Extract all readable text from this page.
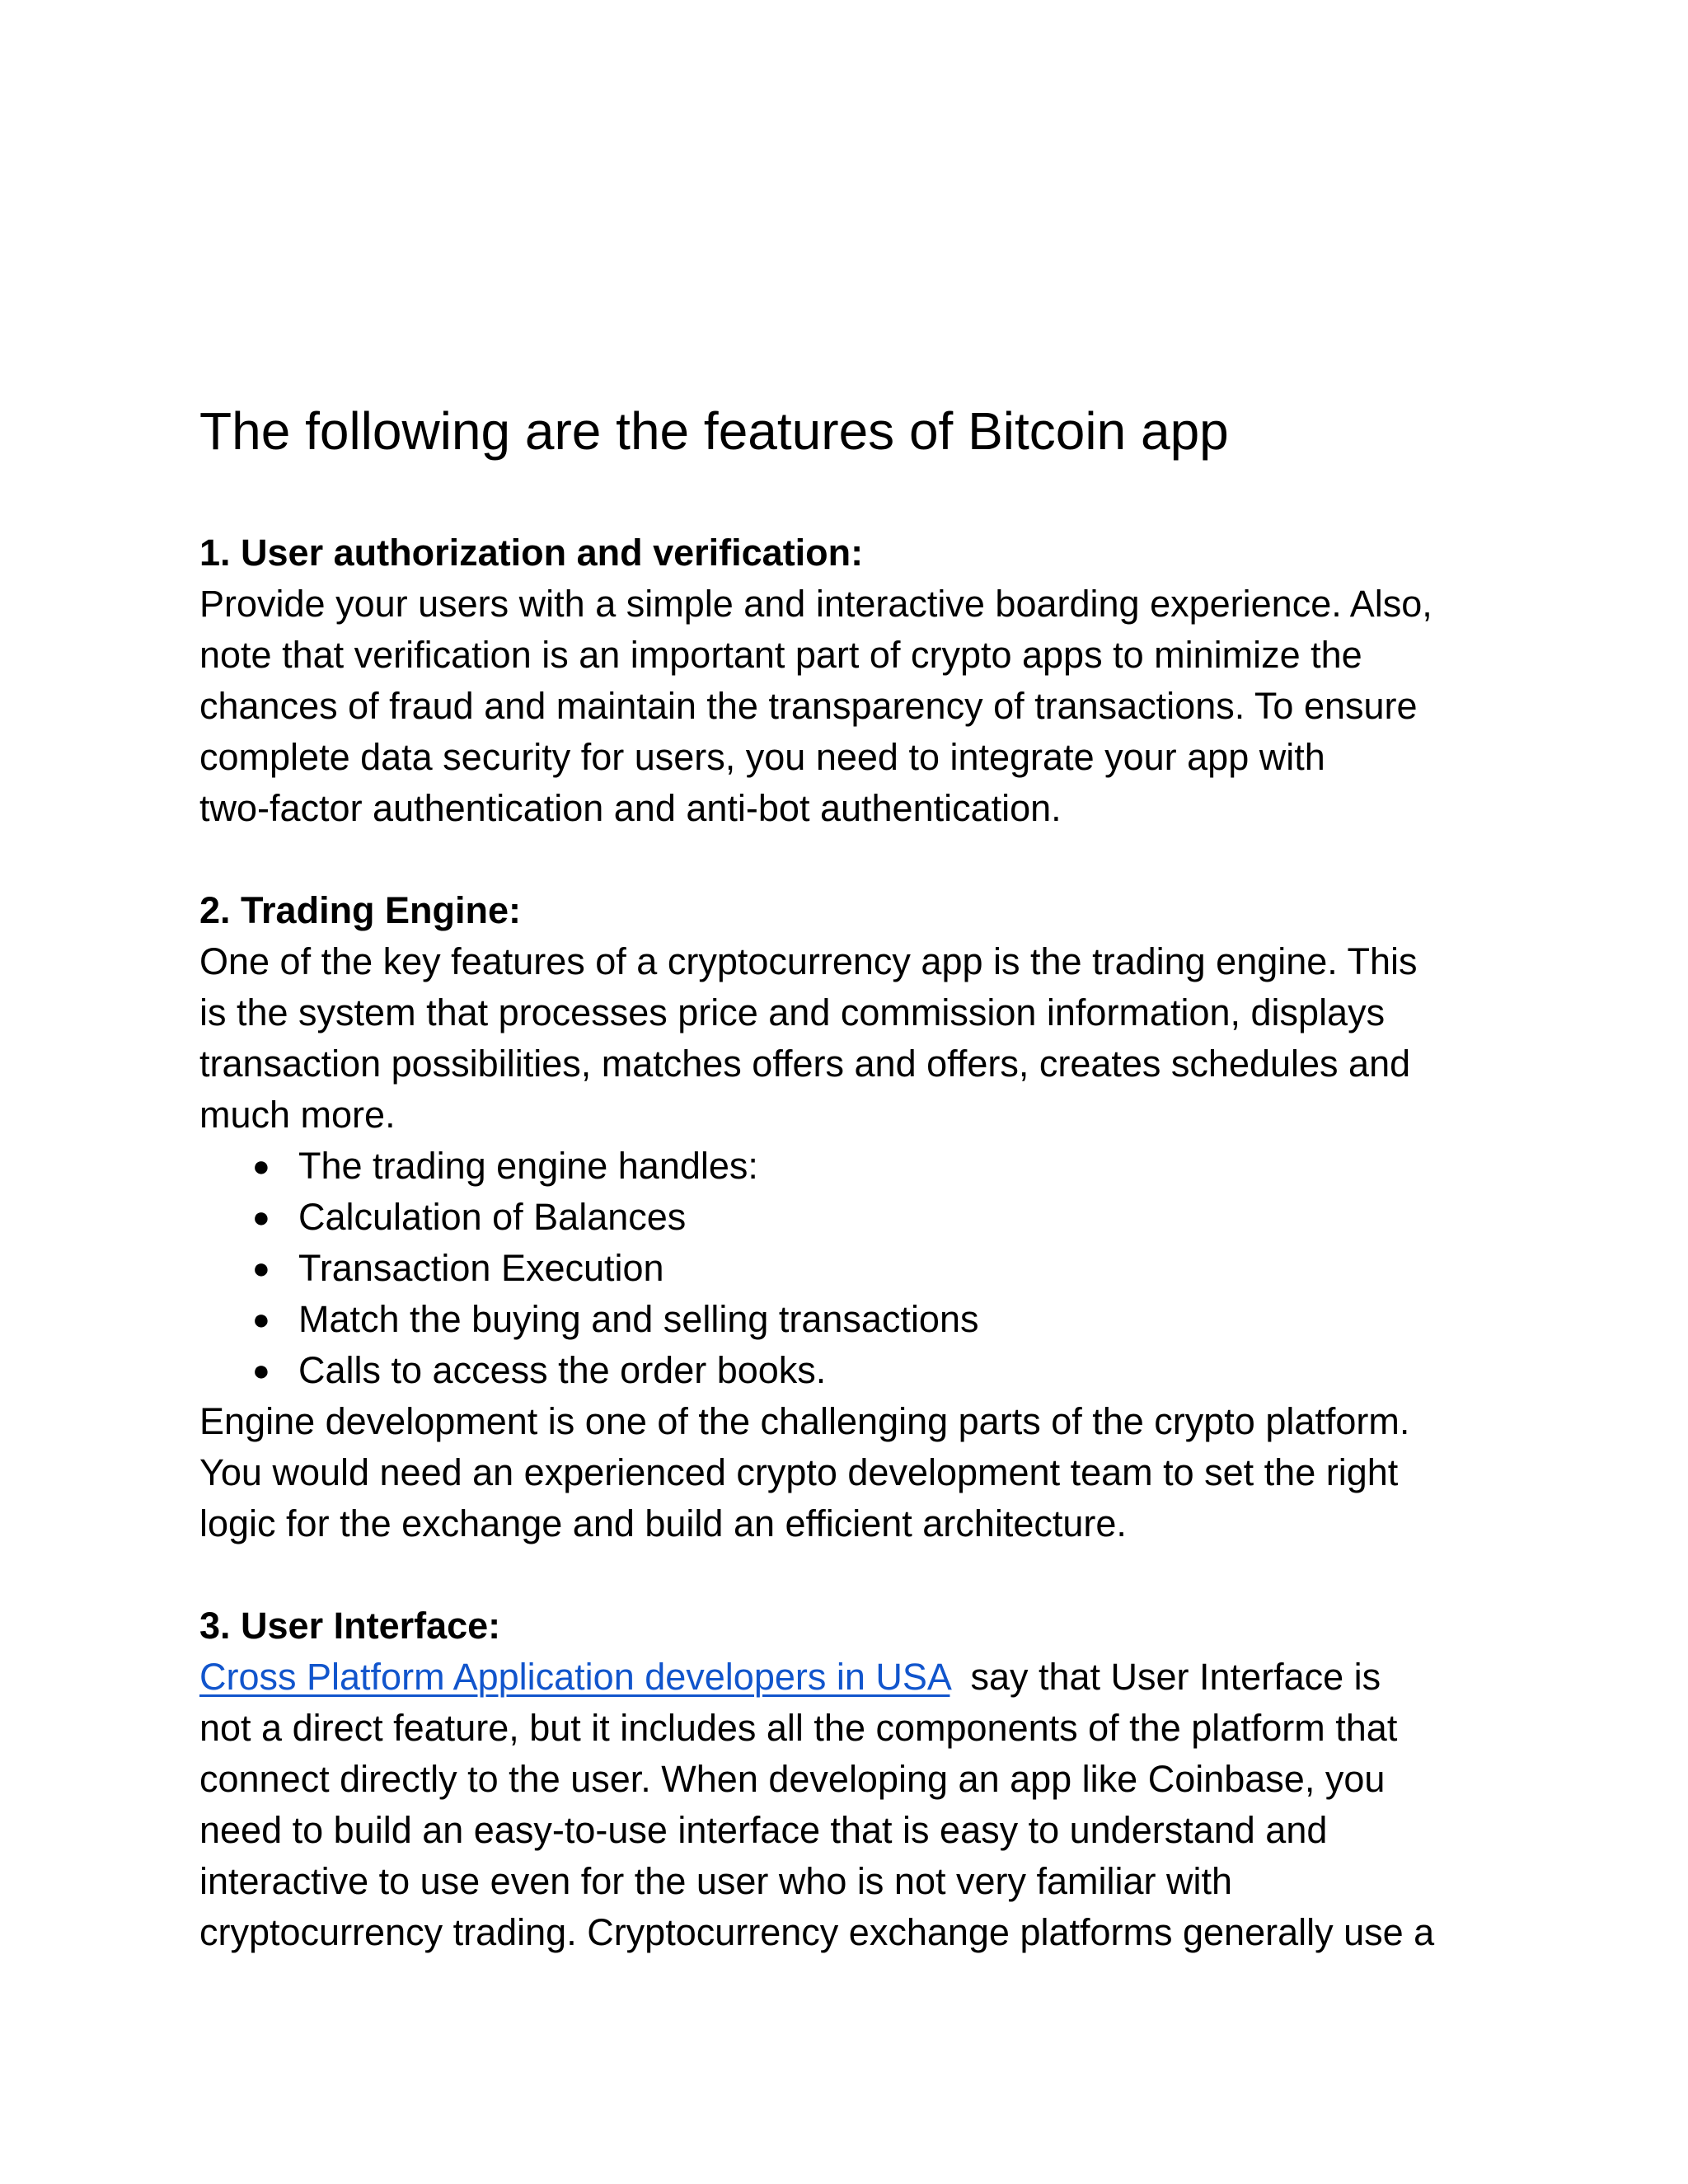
The following are the features of Bitcoin app

1. User authorization and verification:

Provide your users with a simple and interactive boarding experience. Also,

note that verification is an important part of crypto apps to minimize the

chances of fraud and maintain the transparency of transactions. To ensure

complete data security for users, you need to integrate your app with

two-factor authentication and anti-bot authentication.

2. Trading Engine:

One of the key features of a cryptocurrency app is the trading engine. This

is the system that processes price and commission information, displays

transaction possibilities, matches offers and offers, creates schedules and

much more.

● The trading engine handles:
● Calculation of Balances
● Transaction Execution
● Match the buying and selling transactions
● Calls to access the order books.

Engine development is one of the challenging parts of the crypto platform.

You would need an experienced crypto development team to set the right

logic for the exchange and build an efficient architecture.

3. User Interface:

Cross Platform Application developers in USA  say that User Interface is

not a direct feature, but it includes all the components of the platform that

connect directly to the user. When developing an app like Coinbase, you

need to build an easy-to-use interface that is easy to understand and

interactive to use even for the user who is not very familiar with

cryptocurrency trading. Cryptocurrency exchange platforms generally use a
